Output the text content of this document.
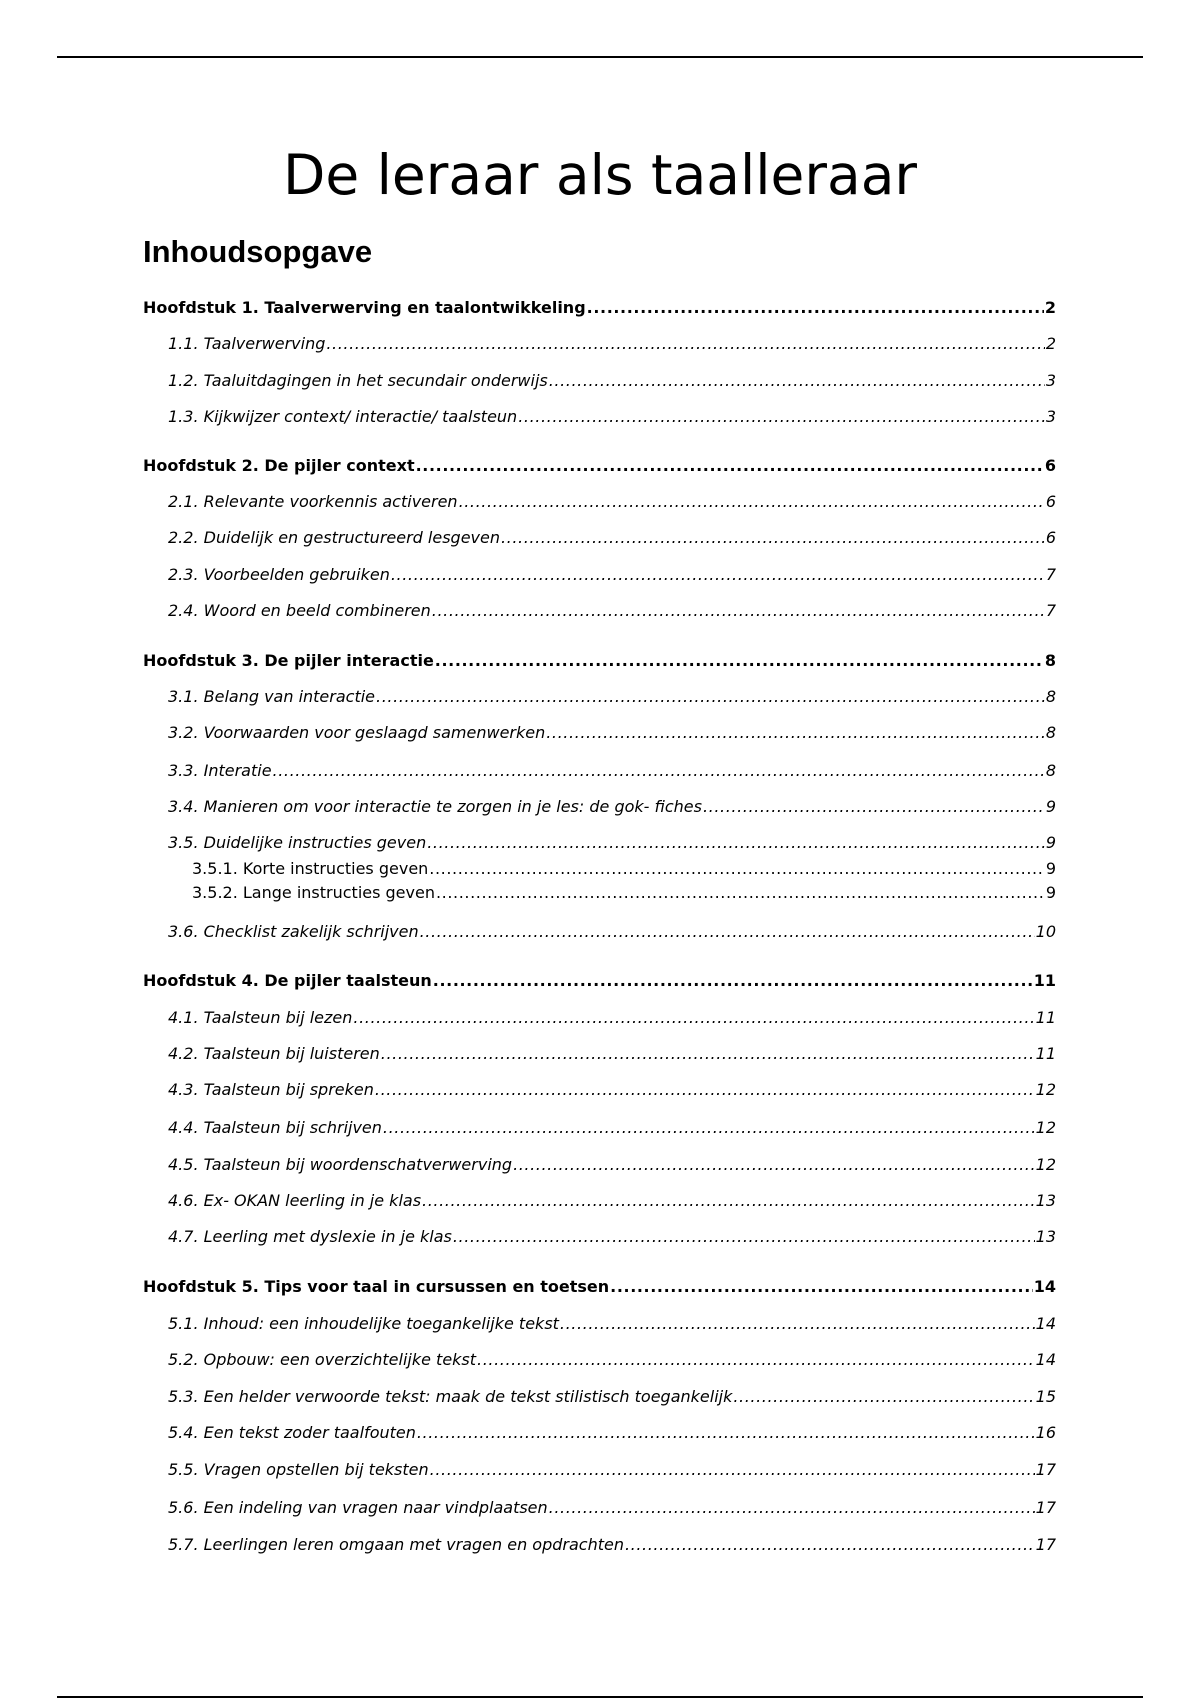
De leraar als taalleraar
Inhoudsopgave
Hoofdstuk 1. Taalverwerving en taalontwikkeling .....	2
1.1. Taalverwerving .....	2
1.2. Taaluitdagingen in het secundair onderwijs .....	3
1.3. Kijkwijzer context/ interactie/ taalsteun .....	3
Hoofdstuk 2. De pijler context .....	6
2.1. Relevante voorkennis activeren .....	6
2.2. Duidelijk en gestructureerd lesgeven .....	6
2.3. Voorbeelden gebruiken .....	7
2.4. Woord en beeld combineren .....	7
Hoofdstuk 3. De pijler interactie .....	8
3.1. Belang van interactie .....	8
3.2. Voorwaarden voor geslaagd samenwerken .....	8
3.3. Interatie .....	8
3.4. Manieren om voor interactie te zorgen in je les: de gok- fiches .....	9
3.5. Duidelijke instructies geven .....	9
3.5.1. Korte instructies geven .....	9
3.5.2. Lange instructies geven .....	9
3.6. Checklist zakelijk schrijven .....	10
Hoofdstuk 4. De pijler taalsteun .....	11
4.1. Taalsteun bij lezen .....	11
4.2. Taalsteun bij luisteren .....	11
4.3. Taalsteun bij spreken .....	12
4.4. Taalsteun bij schrijven .....	12
4.5. Taalsteun bij woordenschatverwerving .....	12
4.6. Ex- OKAN leerling in je klas .....	13
4.7. Leerling met dyslexie in je klas .....	13
Hoofdstuk 5. Tips voor taal in cursussen en toetsen .....	14
5.1. Inhoud: een inhoudelijke toegankelijke tekst .....	14
5.2. Opbouw: een overzichtelijke tekst .....	14
5.3. Een helder verwoorde tekst: maak de tekst stilistisch toegankelijk .....	15
5.4. Een tekst zoder taalfouten .....	16
5.5. Vragen opstellen bij teksten .....	17
5.6. Een indeling van vragen naar vindplaatsen .....	17
5.7. Leerlingen leren omgaan met vragen en opdrachten .....	17
